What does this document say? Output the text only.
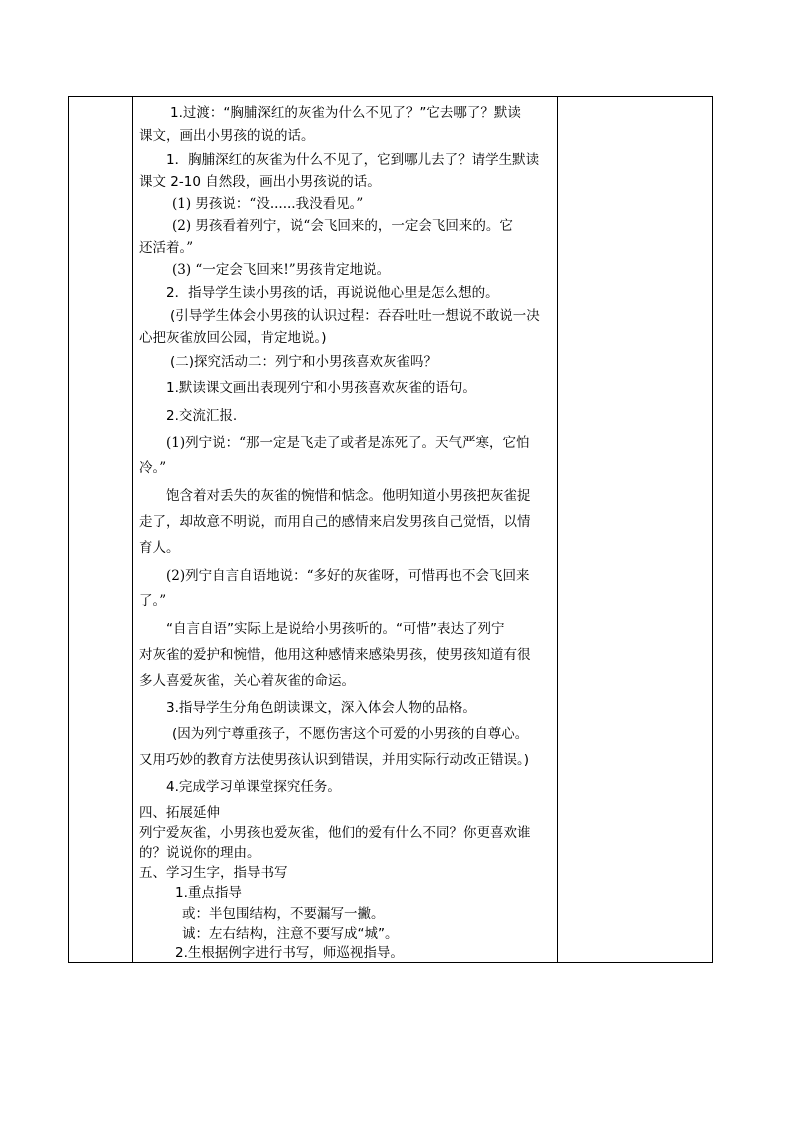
1.过渡：“胸脯深红的灰雀为什么不见了？”它去哪了？默读
课文，画出小男孩的说的话。
1．胸脯深红的灰雀为什么不见了，它到哪儿去了？请学生默读
课文 2-10 自然段，画出小男孩说的话。
(1) 男孩说：“没......我没看见。”
(2) 男孩看着列宁，说“会飞回来的，一定会飞回来的。它
还活着。”
(3) “一定会飞回来!”男孩肯定地说。
2．指导学生读小男孩的话，再说说他心里是怎么想的。
(引导学生体会小男孩的认识过程：吞吞吐吐一想说不敢说一决
心把灰雀放回公园，肯定地说。)
(二)探究活动二：列宁和小男孩喜欢灰雀吗？
1.默读课文画出表现列宁和小男孩喜欢灰雀的语句。
2.交流汇报.
(1)列宁说：“那一定是飞走了或者是冻死了。天气严寒，它怕
冷。”
饱含着对丢失的灰雀的惋惜和惦念。他明知道小男孩把灰雀捉
走了，却故意不明说，而用自己的感情来启发男孩自己觉悟，以情
育人。
(2)列宁自言自语地说：“多好的灰雀呀，可惜再也不会飞回来
了。”
“自言自语”实际上是说给小男孩听的。“可惜”表达了列宁
对灰雀的爱护和惋惜，他用这种感情来感染男孩，使男孩知道有很
多人喜爱灰雀，关心着灰雀的命运。
3.指导学生分角色朗读课文，深入体会人物的品格。
(因为列宁尊重孩子，不愿伤害这个可爱的小男孩的自尊心。
又用巧妙的教育方法使男孩认识到错误，并用实际行动改正错误。)
4.完成学习单课堂探究任务。
四、拓展延伸
列宁爱灰雀，小男孩也爱灰雀，他们的爱有什么不同？你更喜欢谁
的？说说你的理由。
五、学习生字，指导书写
1.重点指导
或：半包围结构，不要漏写一撇。
诚：左右结构，注意不要写成“城”。
2.生根据例字进行书写，师巡视指导。
